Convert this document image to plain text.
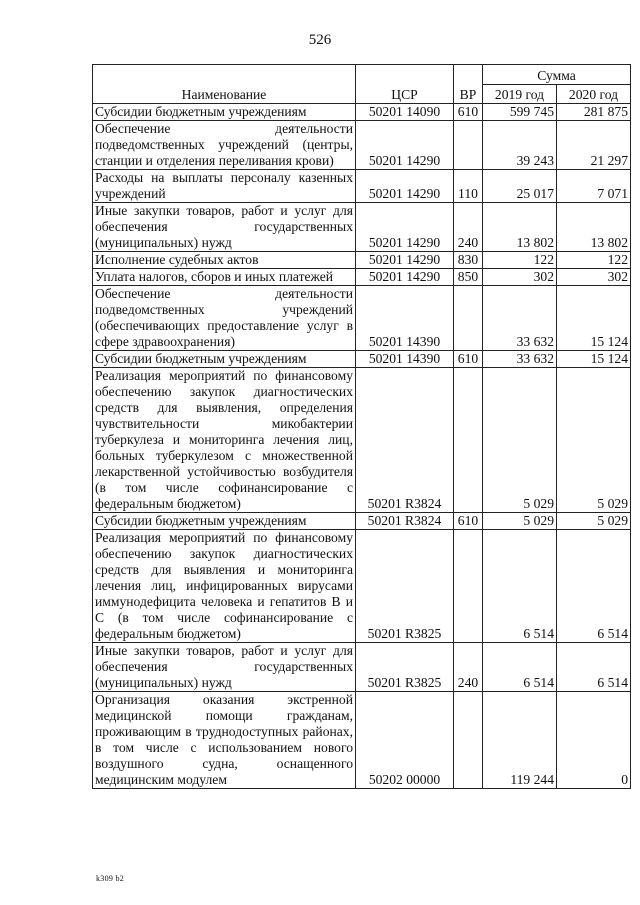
526
Наименование	ЦСР	ВР	Сумма	
			2019 год	2020 год
Субсидии бюджетным учреждениям	50201 14090	610	599 745	281 875
Обеспечение деятельности подведомственных учреждений (центры, станции и отделения переливания крови)	50201 14290		39 243	21 297
Расходы на выплаты персоналу казенных учреждений	50201 14290	110	25 017	7 071
Иные закупки товаров, работ и услуг для обеспечения государственных (муниципальных) нужд	50201 14290	240	13 802	13 802
Исполнение судебных актов	50201 14290	830	122	122
Уплата налогов, сборов и иных платежей	50201 14290	850	302	302
Обеспечение деятельности подведомственных учреждений (обеспечивающих предоставление услуг в сфере здравоохранения)	50201 14390		33 632	15 124
Субсидии бюджетным учреждениям	50201 14390	610	33 632	15 124
Реализация мероприятий по финансовому обеспечению закупок диагностических средств для выявления, определения чувствительности микобактерии туберкулеза и мониторинга лечения лиц, больных туберкулезом с множественной лекарственной устойчивостью возбудителя (в том числе софинансирование с федеральным бюджетом)	50201 R3824		5 029	5 029
Субсидии бюджетным учреждениям	50201 R3824	610	5 029	5 029
Реализация мероприятий по финансовому обеспечению закупок диагностических средств для выявления и мониторинга лечения лиц, инфицированных вирусами иммунодефицита человека и гепатитов В и С (в том числе софинансирование с федеральным бюджетом)	50201 R3825		6 514	6 514
Иные закупки товаров, работ и услуг для обеспечения государственных (муниципальных) нужд	50201 R3825	240	6 514	6 514
Организация оказания экстренной медицинской помощи гражданам, проживающим в труднодоступных районах, в том числе с использованием нового воздушного судна, оснащенного медицинским модулем	50202 00000		119 244	0
k309 b2
